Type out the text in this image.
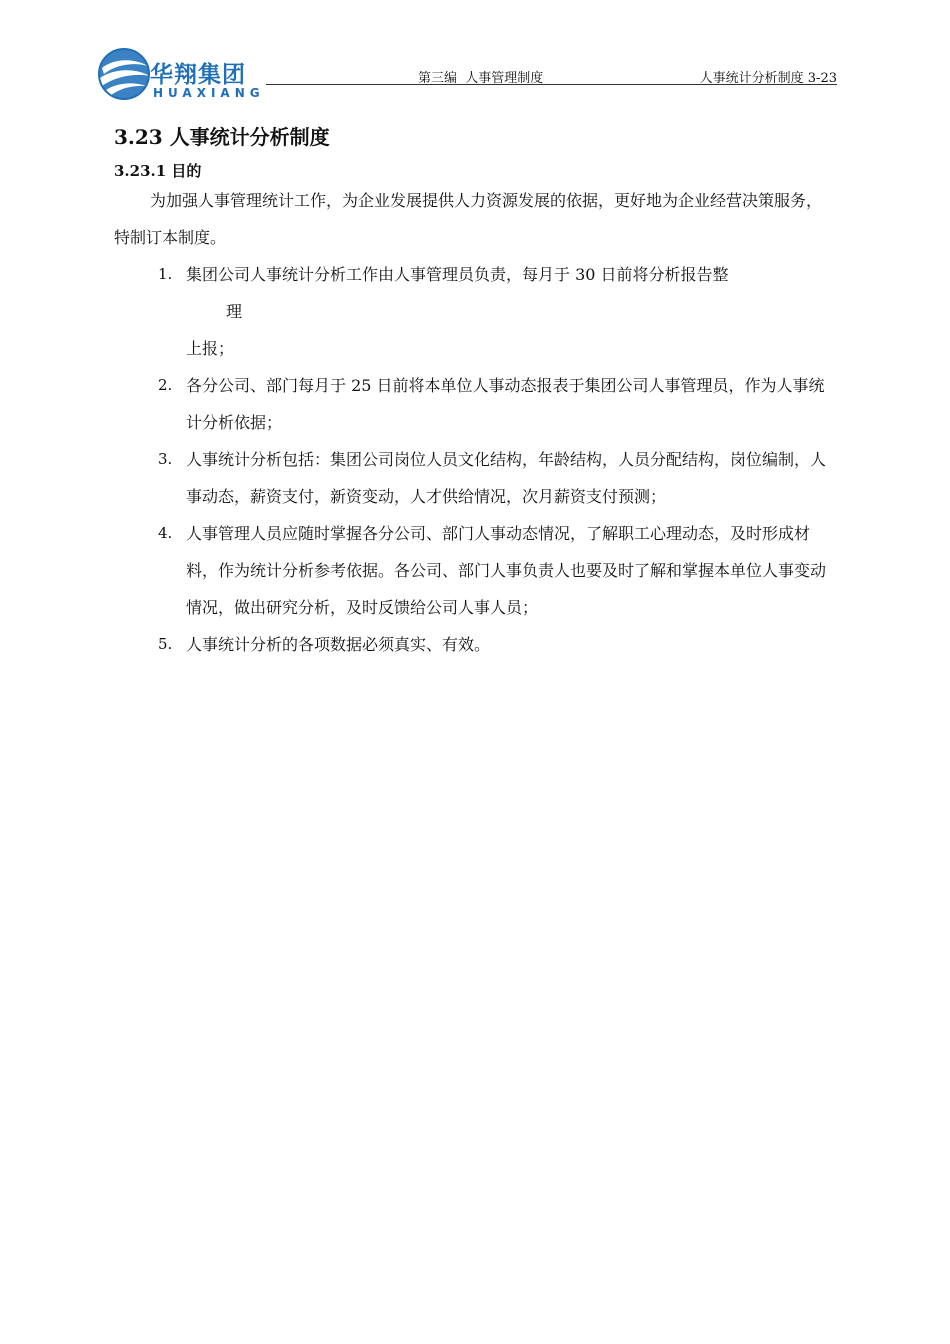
华翔集团
HUAXIANG
第三编  人事管理制度	人事统计分析制度 3-23
3.23 人事统计分析制度
3.23.1 目的

为加强人事管理统计工作，为企业发展提供人力资源发展的依据，更好地为企业经营决策服务，特制订本制度。

1. 集团公司人事统计分析工作由人事管理员负责，每月于 30 日前将分析报告整
理
上报；
2. 各分公司、部门每月于 25 日前将本单位人事动态报表于集团公司人事管理员，作为人事统计分析依据；
3. 人事统计分析包括：集团公司岗位人员文化结构，年龄结构，人员分配结构，岗位编制，人事动态，薪资支付，新资变动，人才供给情况，次月薪资支付预测；
4. 人事管理人员应随时掌握各分公司、部门人事动态情况，了解职工心理动态，及时形成材料，作为统计分析参考依据。各公司、部门人事负责人也要及时了解和掌握本单位人事变动情况，做出研究分析，及时反馈给公司人事人员；
5. 人事统计分析的各项数据必须真实、有效。
